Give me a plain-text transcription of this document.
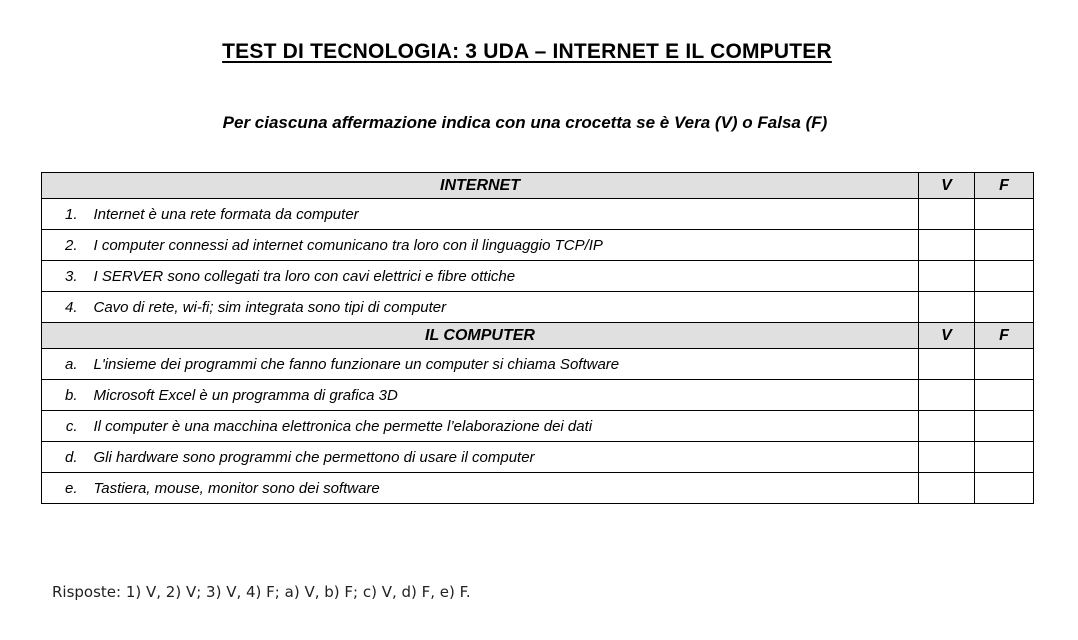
TEST DI TECNOLOGIA: 3 UDA – INTERNET E IL COMPUTER
Per ciascuna affermazione indica con una crocetta se è Vera (V) o Falsa (F)
INTERNET		V	F
1.	Internet è una rete formata da computer		
2.	I computer connessi ad internet comunicano tra loro con il linguaggio TCP/IP		
3.	I SERVER sono collegati tra loro con cavi elettrici e fibre ottiche		
4.	Cavo di rete, wi-fi; sim integrata sono tipi di computer		
IL COMPUTER		V	F
a.	L'insieme dei programmi che fanno funzionare un computer si chiama Software		
b.	Microsoft Excel è un programma di grafica 3D		
c.	Il computer è una macchina elettronica che permette l’elaborazione dei dati		
d.	Gli hardware sono programmi che permettono di usare il computer		
e.	Tastiera, mouse, monitor sono dei software		
Risposte: 1) V, 2) V; 3) V, 4) F; a) V, b) F; c) V, d) F, e) F.
